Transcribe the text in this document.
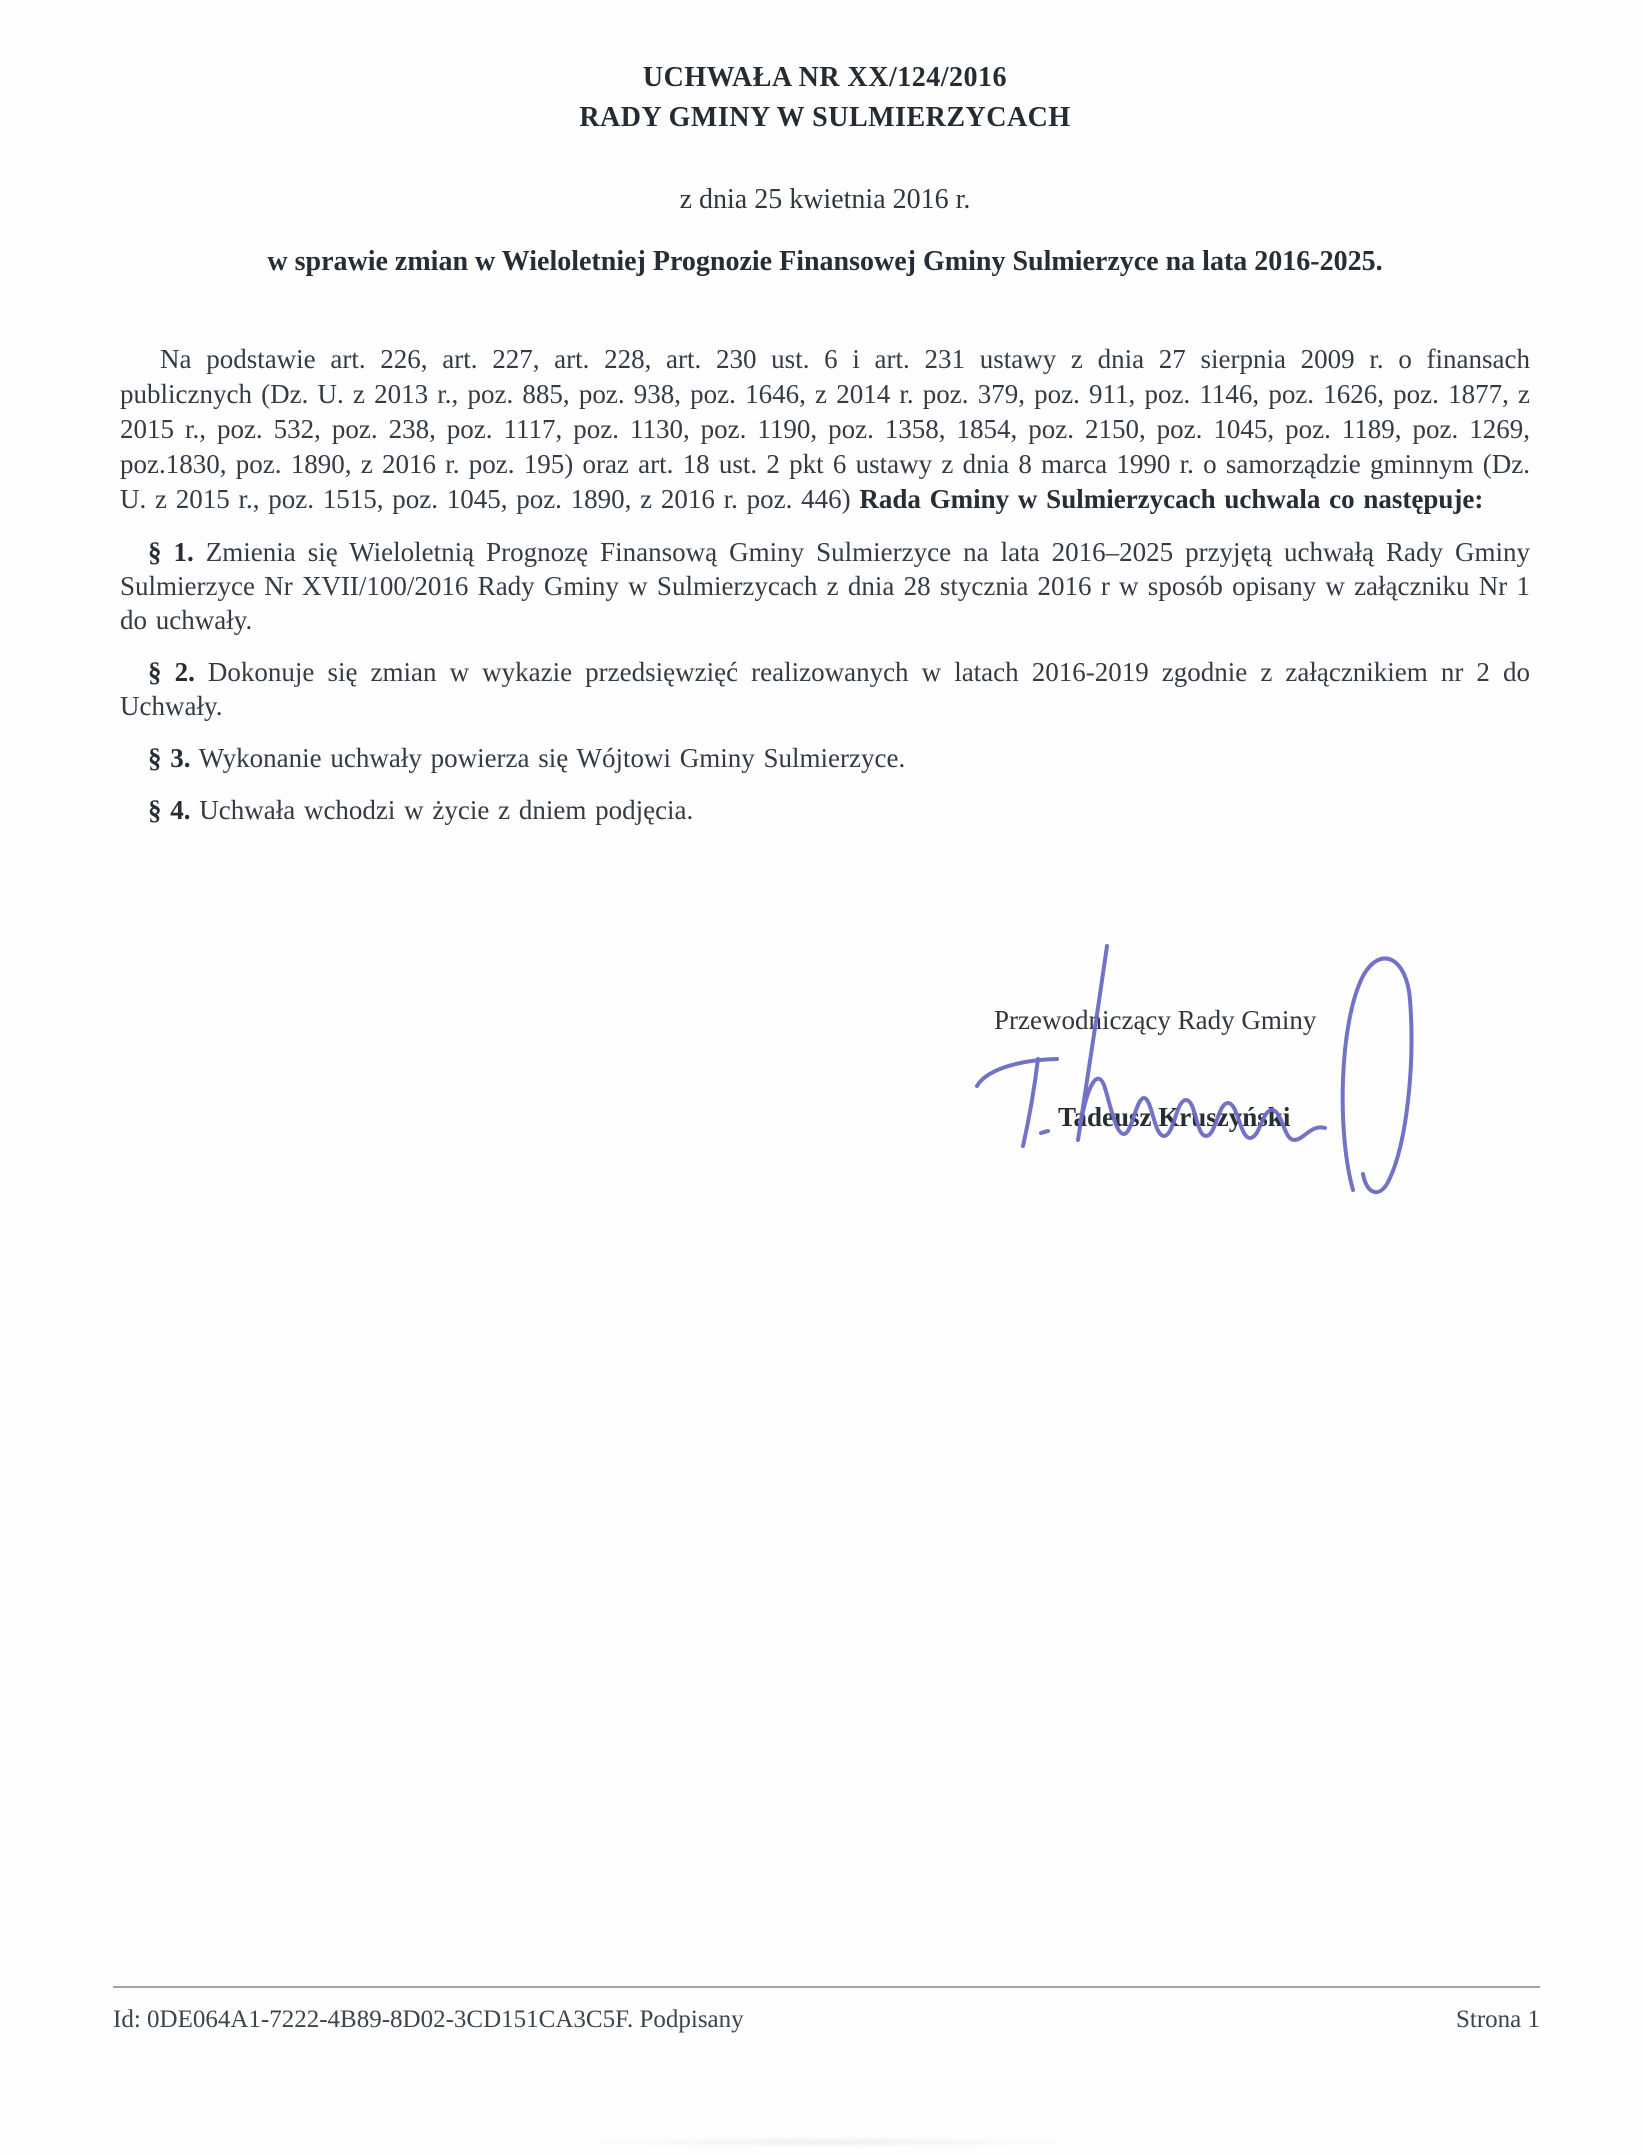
UCHWAŁA NR XX/124/2016
RADY GMINY W SULMIERZYCACH
z dnia 25 kwietnia 2016 r.
w sprawie zmian w Wieloletniej Prognozie Finansowej Gminy Sulmierzyce na lata 2016-2025.

Na podstawie art. 226, art. 227, art. 228, art. 230 ust. 6 i art. 231 ustawy z dnia 27 sierpnia 2009 r. o finansach publicznych (Dz. U. z 2013 r., poz. 885, poz. 938, poz. 1646, z 2014 r. poz. 379, poz. 911, poz. 1146, poz. 1626, poz. 1877, z 2015 r., poz. 532, poz. 238, poz. 1117, poz. 1130, poz. 1190, poz. 1358, 1854, poz. 2150, poz. 1045, poz. 1189, poz. 1269, poz.1830, poz. 1890, z 2016 r. poz. 195) oraz art. 18 ust. 2 pkt 6 ustawy z dnia 8 marca 1990 r. o samorządzie gminnym (Dz. U. z 2015 r., poz. 1515, poz. 1045, poz. 1890, z 2016 r. poz. 446) Rada Gminy w Sulmierzycach uchwala co następuje:

§ 1. Zmienia się Wieloletnią Prognozę Finansową Gminy Sulmierzyce na lata 2016–2025 przyjętą uchwałą Rady Gminy Sulmierzyce Nr XVII/100/2016 Rady Gminy w Sulmierzycach z dnia 28 stycznia 2016 r w sposób opisany w załączniku Nr 1 do uchwały.

§ 2. Dokonuje się zmian w wykazie przedsięwzięć realizowanych w latach 2016-2019 zgodnie z załącznikiem nr 2 do Uchwały.

§ 3. Wykonanie uchwały powierza się Wójtowi Gminy Sulmierzyce.

§ 4. Uchwała wchodzi w życie z dniem podjęcia.

Przewodniczący Rady Gminy
Tadeusz Kruszyński
Id: 0DE064A1-7222-4B89-8D02-3CD151CA3C5F. Podpisany	Strona 1
